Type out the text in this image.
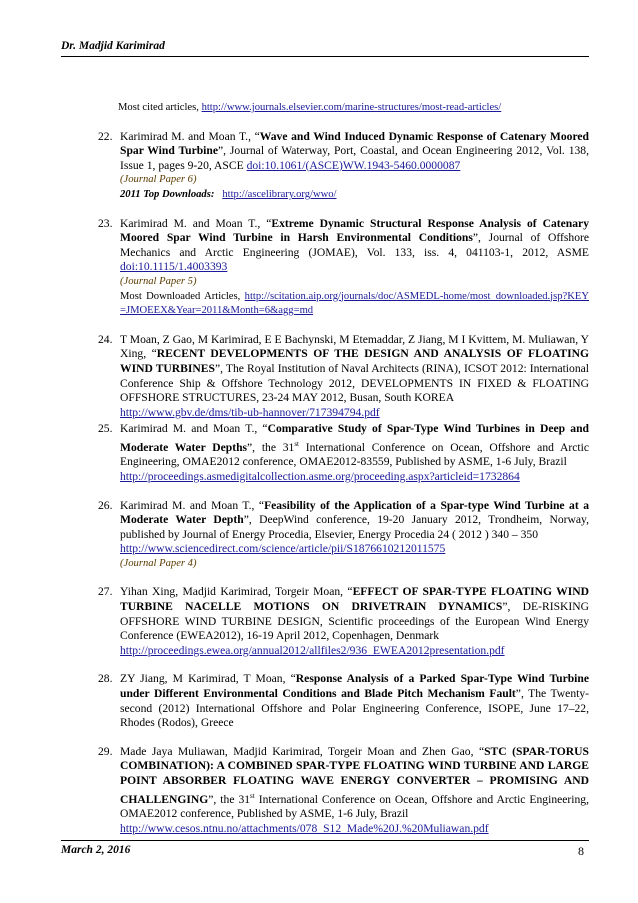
Dr. Madjid Karimirad
Most cited articles, http://www.journals.elsevier.com/marine-structures/most-read-articles/
22. Karimirad M. and Moan T., “Wave and Wind Induced Dynamic Response of Catenary Moored Spar Wind Turbine”, Journal of Waterway, Port, Coastal, and Ocean Engineering 2012, Vol. 138, Issue 1, pages 9-20, ASCE doi:10.1061/(ASCE)WW.1943-5460.0000087
(Journal Paper 6)
2011 Top Downloads: http://ascelibrary.org/wwo/
23. Karimirad M. and Moan T., “Extreme Dynamic Structural Response Analysis of Catenary Moored Spar Wind Turbine in Harsh Environmental Conditions”, Journal of Offshore Mechanics and Arctic Engineering (JOMAE), Vol. 133, iss. 4, 041103-1, 2012, ASME doi:10.1115/1.4003393
(Journal Paper 5)
Most Downloaded Articles, http://scitation.aip.org/journals/doc/ASMEDL-home/most_downloaded.jsp?KEY=JMOEEX&Year=2011&Month=6&agg=md
24. T Moan, Z Gao, M Karimirad, E E Bachynski, M Etemaddar, Z Jiang, M I Kvittem, M. Muliawan, Y Xing, “RECENT DEVELOPMENTS OF THE DESIGN AND ANALYSIS OF FLOATING WIND TURBINES”, The Royal Institution of Naval Architects (RINA), ICSOT 2012: International Conference Ship & Offshore Technology 2012, DEVELOPMENTS IN FIXED & FLOATING OFFSHORE STRUCTURES, 23-24 MAY 2012, Busan, South KOREA
http://www.gbv.de/dms/tib-ub-hannover/717394794.pdf
25. Karimirad M. and Moan T., “Comparative Study of Spar-Type Wind Turbines in Deep and Moderate Water Depths”, the 31st International Conference on Ocean, Offshore and Arctic Engineering, OMAE2012 conference, OMAE2012-83559, Published by ASME, 1-6 July, Brazil
http://proceedings.asmedigitalcollection.asme.org/proceeding.aspx?articleid=1732864
26. Karimirad M. and Moan T., “Feasibility of the Application of a Spar-type Wind Turbine at a Moderate Water Depth”, DeepWind conference, 19-20 January 2012, Trondheim, Norway, published by Journal of Energy Procedia, Elsevier, Energy Procedia 24 ( 2012 ) 340 – 350
http://www.sciencedirect.com/science/article/pii/S1876610212011575
(Journal Paper 4)
27. Yihan Xing, Madjid Karimirad, Torgeir Moan, “EFFECT OF SPAR-TYPE FLOATING WIND TURBINE NACELLE MOTIONS ON DRIVETRAIN DYNAMICS”, DE-RISKING OFFSHORE WIND TURBINE DESIGN, Scientific proceedings of the European Wind Energy Conference (EWEA2012), 16-19 April 2012, Copenhagen, Denmark
http://proceedings.ewea.org/annual2012/allfiles2/936_EWEA2012presentation.pdf
28. ZY Jiang, M Karimirad, T Moan, “Response Analysis of a Parked Spar-Type Wind Turbine under Different Environmental Conditions and Blade Pitch Mechanism Fault”, The Twenty-second (2012) International Offshore and Polar Engineering Conference, ISOPE, June 17–22, Rhodes (Rodos), Greece
29. Made Jaya Muliawan, Madjid Karimirad, Torgeir Moan and Zhen Gao, “STC (SPAR-TORUS COMBINATION): A COMBINED SPAR-TYPE FLOATING WIND TURBINE AND LARGE POINT ABSORBER FLOATING WAVE ENERGY CONVERTER – PROMISING AND CHALLENGING”, the 31st International Conference on Ocean, Offshore and Arctic Engineering, OMAE2012 conference, Published by ASME, 1-6 July, Brazil
http://www.cesos.ntnu.no/attachments/078_S12_Made%20J.%20Muliawan.pdf
March 2, 2016	8
